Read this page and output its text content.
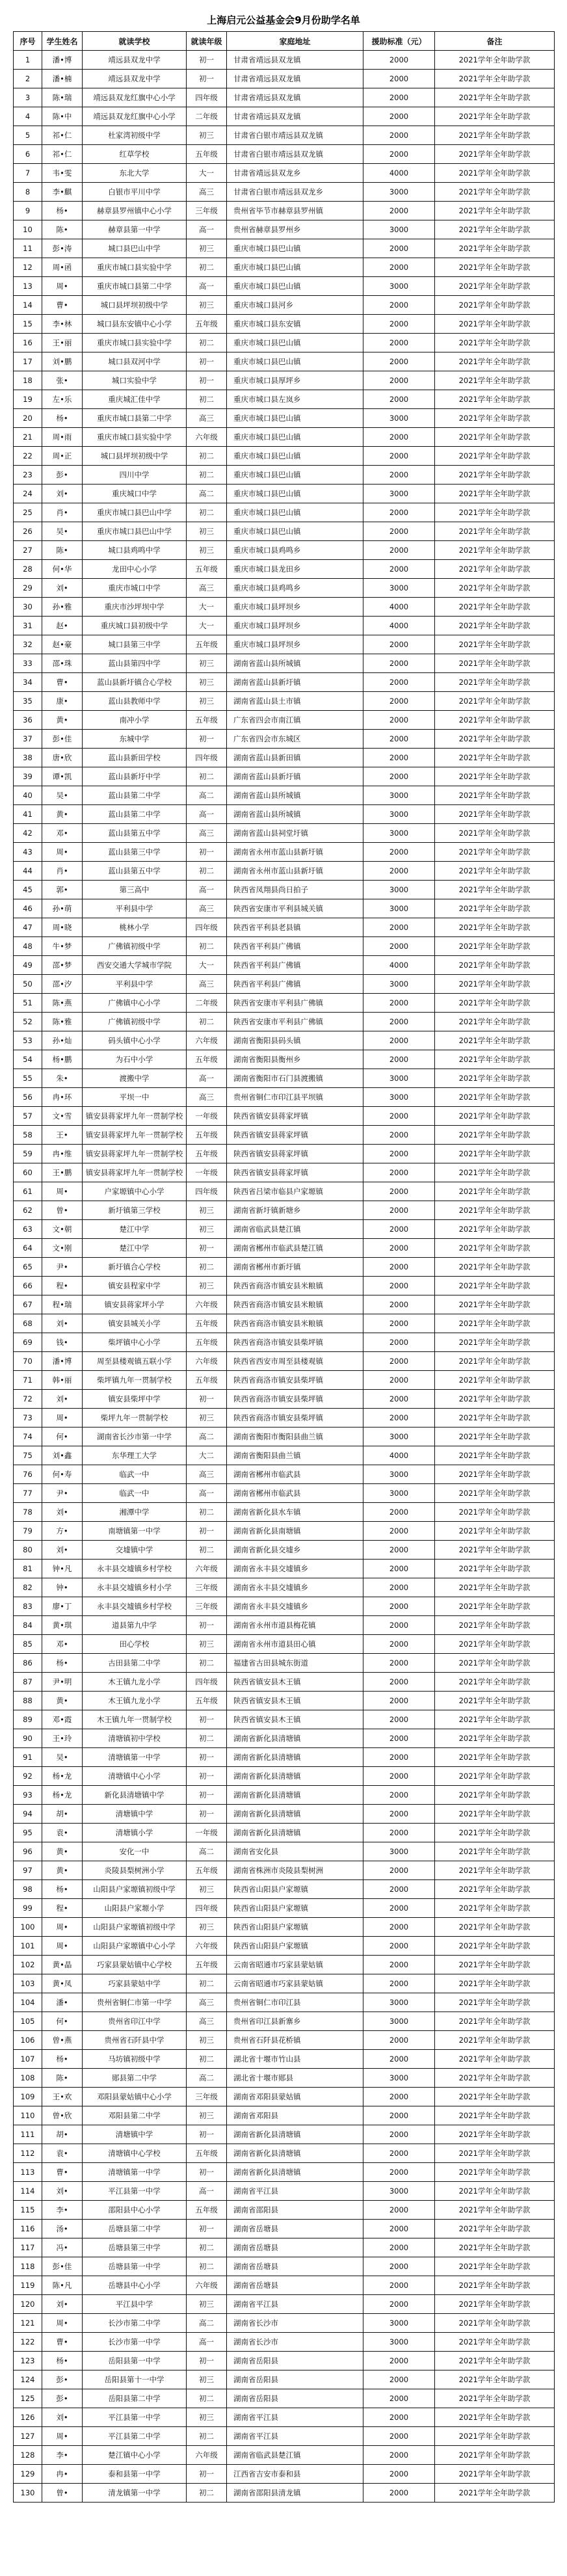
上海启元公益基金会9月份助学名单
序号	学生姓名	就读学校	就读年级	家庭地址	援助标准（元）	备注
1	潘•博	靖远县双龙中学	初一	甘肃省靖远县双龙镇	2000	2021学年全年助学款
2	潘•楠	靖远县双龙中学	初一	甘肃省靖远县双龙镇	2000	2021学年全年助学款
3	陈•瑞	靖远县双龙红旗中心小学	四年级	甘肃省靖远县双龙镇	2000	2021学年全年助学款
4	陈•中	靖远县双龙红旗中心小学	二年级	甘肃省靖远县双龙镇	2000	2021学年全年助学款
5	祁•仁	杜家湾初级中学	初三	甘肃省白银市靖远县双龙镇	2000	2021学年全年助学款
6	祁•仁	红草学校	五年级	甘肃省白银市靖远县双龙镇	2000	2021学年全年助学款
7	韦•雯	东北大学	大一	甘肃省靖远县双龙乡	4000	2021学年全年助学款
8	李•麒	白银市平川中学	高三	甘肃省白银市靖远县双龙乡	3000	2021学年全年助学款
9	杨•	赫章县罗州镇中心小学	三年级	贵州省毕节市赫章县罗州镇	2000	2021学年全年助学款
10	陈•	赫章县第一中学	高一	贵州省赫章县罗州乡	3000	2021学年全年助学款
11	彭•涛	城口县巴山中学	初三	重庆市城口县巴山镇	2000	2021学年全年助学款
12	周•函	重庆市城口县实验中学	初二	重庆市城口县巴山镇	2000	2021学年全年助学款
13	周•	重庆市城口县第二中学	高一	重庆市城口县巴山镇	3000	2021学年全年助学款
14	曹•	城口县坪坝初级中学	初三	重庆市城口县河乡	2000	2021学年全年助学款
15	李•林	城口县东安镇中心小学	五年级	重庆市城口县东安镇	2000	2021学年全年助学款
16	王•丽	重庆市城口县实验中学	初二	重庆市城口县巴山镇	2000	2021学年全年助学款
17	刘•鹏	城口县双河中学	初一	重庆市城口县巴山镇	2000	2021学年全年助学款
18	张•	城口实验中学	初一	重庆市城口县厚坪乡	2000	2021学年全年助学款
19	左•乐	重庆城汇佳中学	初二	重庆市城口县左岚乡	2000	2021学年全年助学款
20	杨•	重庆市城口县第二中学	高三	重庆市城口县巴山镇	3000	2021学年全年助学款
21	周•雨	重庆市城口县实验中学	六年级	重庆市城口县巴山镇	2000	2021学年全年助学款
22	周•正	城口县坪坝初级中学	初二	重庆市城口县巴山镇	2000	2021学年全年助学款
23	彭•	四川中学	初二	重庆市城口县巴山镇	2000	2021学年全年助学款
24	刘•	重庆城口中学	高二	重庆市城口县巴山镇	3000	2021学年全年助学款
25	肖•	重庆市城口县巴山中学	初二	重庆市城口县巴山镇	2000	2021学年全年助学款
26	吴•	重庆市城口县巴山中学	初三	重庆市城口县巴山镇	2000	2021学年全年助学款
27	陈•	城口县鸡鸣中学	初三	重庆市城口县鸡鸣乡	2000	2021学年全年助学款
28	何•华	龙田中心小学	五年级	重庆市城口县龙田乡	2000	2021学年全年助学款
29	刘•	重庆市城口中学	高三	重庆市城口县鸡鸣乡	3000	2021学年全年助学款
30	孙•雅	重庆市沙坪坝中学	大一	重庆市城口县坪坝乡	4000	2021学年全年助学款
31	赵•	重庆城口县初级中学	大一	重庆市城口县坪坝乡	4000	2021学年全年助学款
32	赵•豪	城口县第三中学	五年级	重庆市城口县坪坝乡	2000	2021学年全年助学款
33	邵•珠	蓝山县第四中学	初三	湖南省蓝山县所城镇	2000	2021学年全年助学款
34	曹•	蓝山县新圩镇合心学校	初三	湖南省蓝山县新圩镇	2000	2021学年全年助学款
35	康•	蓝山县教师中学	初三	湖南省蓝山县土市镇	2000	2021学年全年助学款
36	黄•	南冲小学	五年级	广东省四会市南江镇	2000	2021学年全年助学款
37	彭•佳	东城中学	初一	广东省四会市东城区	2000	2021学年全年助学款
38	唐•欣	蓝山县新田学校	四年级	湖南省蓝山县新田镇	2000	2021学年全年助学款
39	谭•凯	蓝山县新圩中学	初二	湖南省蓝山县新圩镇	2000	2021学年全年助学款
40	吴•	蓝山县第二中学	高二	湖南省蓝山县所城镇	3000	2021学年全年助学款
41	黄•	蓝山县第二中学	高一	湖南省蓝山县所城镇	3000	2021学年全年助学款
42	邓•	蓝山县第五中学	高三	湖南省蓝山县祠堂圩镇	3000	2021学年全年助学款
43	周•	蓝山县第三中学	初一	湖南省永州市蓝山县新圩镇	2000	2021学年全年助学款
44	肖•	蓝山县第五中学	初二	湖南省永州市蓝山县新圩镇	2000	2021学年全年助学款
45	郭•	第三高中	高一	陕西省凤翔县尚日拍子	3000	2021学年全年助学款
46	孙•萌	平利县中学	高三	陕西省安康市平利县城关镇	3000	2021学年全年助学款
47	周•晓	桃林小学	四年级	陕西省平利县老县镇	2000	2021学年全年助学款
48	牛•梦	广佛镇初级中学	初二	陕西省平利县广佛镇	2000	2021学年全年助学款
49	邵•梦	西安交通大学城市学院	大一	陕西省平利县广佛镇	4000	2021学年全年助学款
50	邵•汐	平利县中学	高三	陕西省平利县广佛镇	3000	2021学年全年助学款
51	陈•燕	广佛镇中心小学	二年级	陕西省安康市平利县广佛镇	2000	2021学年全年助学款
52	陈•雅	广佛镇初级中学	初二	陕西省安康市平利县广佛镇	2000	2021学年全年助学款
53	孙•灿	码头镇中心小学	六年级	湖南省衡阳县码头镇	2000	2021学年全年助学款
54	杨•鹏	为石中小学	五年级	湖南省衡阳县衡州乡	2000	2021学年全年助学款
55	朱•	渡搬中学	高一	湖南省衡阳市石门县渡搬镇	3000	2021学年全年助学款
56	冉•环	平坝一中	高三	贵州省铜仁市印江县平坝镇	3000	2021学年全年助学款
57	文•雪	镇安县蒋家坪九年一贯制学校	一年级	陕西省镇安县蒋家坪镇	2000	2021学年全年助学款
58	王•	镇安县蒋家坪九年一贯制学校	五年级	陕西省镇安县蒋家坪镇	2000	2021学年全年助学款
59	冉•维	镇安县蒋家坪九年一贯制学校	五年级	陕西省镇安县蒋家坪镇	2000	2021学年全年助学款
60	王•鹏	镇安县蒋家坪九年一贯制学校	一年级	陕西省镇安县蒋家坪镇	2000	2021学年全年助学款
61	周•	户家塬镇中心小学	四年级	陕西省吕梁市临县户家塬镇	2000	2021学年全年助学款
62	曾•	新圩镇第三学校	初三	湖南省新圩镇新塘乡	2000	2021学年全年助学款
63	文•朝	楚江中学	初三	湖南省临武县楚江镇	2000	2021学年全年助学款
64	文•刚	楚江中学	初一	湖南省郴州市临武县楚江镇	2000	2021学年全年助学款
65	尹•	新圩镇合心学校	初二	湖南省郴州市新圩镇	2000	2021学年全年助学款
66	程•	镇安县程家中学	初三	陕西省商洛市镇安县米粮镇	2000	2021学年全年助学款
67	程•瑞	镇安县蒋家坪小学	六年级	陕西省商洛市镇安县米粮镇	2000	2021学年全年助学款
68	刘•	镇安县城关小学	五年级	陕西省商洛市镇安县米粮镇	2000	2021学年全年助学款
69	钱•	柴坪镇中心小学	五年级	陕西省商洛市镇安县柴坪镇	2000	2021学年全年助学款
70	潘•博	周至县楼观镇五联小学	六年级	陕西省西安市周至县楼观镇	2000	2021学年全年助学款
71	韩•丽	柴坪镇九年一贯制学校	五年级	陕西省商洛市镇安县柴坪镇	2000	2021学年全年助学款
72	刘•	镇安县柴坪中学	初一	陕西省商洛市镇安县柴坪镇	2000	2021学年全年助学款
73	周•	柴坪九年一贯制学校	初三	陕西省商洛市镇安县柴坪镇	2000	2021学年全年助学款
74	何•	湖南省长沙市第一中学	高二	湖南省衡阳市衡阳县曲兰镇	3000	2021学年全年助学款
75	刘•鑫	东华理工大学	大二	湖南省衡阳县曲兰镇	4000	2021学年全年助学款
76	何•寿	临武一中	高三	湖南省郴州市临武县	3000	2021学年全年助学款
77	尹•	临武一中	高一	湖南省郴州市临武县	3000	2021学年全年助学款
78	刘•	湘潭中学	初二	湖南省新化县水车镇	2000	2021学年全年助学款
79	方•	南塘镇第一中学	初一	湖南省新化县南塘镇	2000	2021学年全年助学款
80	刘•	交墟镇中学	初二	湖南省新化县交墟乡	2000	2021学年全年助学款
81	钟•凡	永丰县交墟镇乡村学校	六年级	湖南省永丰县交墟镇乡	2000	2021学年全年助学款
82	钟•	永丰县交墟镇乡村小学	三年级	湖南省永丰县交墟镇乡	2000	2021学年全年助学款
83	廖•丁	永丰县交墟镇乡村学校	三年级	湖南省永丰县交墟镇乡	2000	2021学年全年助学款
84	黄•琪	道县第九中学	初一	湖南省永州市道县梅花镇	2000	2021学年全年助学款
85	邓•	田心学校	初三	湖南省永州市道县田心镇	2000	2021学年全年助学款
86	杨•	古田县第二中学	初二	福建省古田县城东街道	2000	2021学年全年助学款
87	尹•明	木王镇九龙小学	四年级	陕西省镇安县木王镇	2000	2021学年全年助学款
88	黄•	木王镇九龙小学	五年级	陕西省镇安县木王镇	2000	2021学年全年助学款
89	邓•霞	木王镇九年一贯制学校	初一	陕西省镇安县木王镇	2000	2021学年全年助学款
90	王•玲	清塘镇初中学校	初二	湖南省新化县清塘镇	2000	2021学年全年助学款
91	吴•	清塘镇第一中学	初一	湖南省新化县清塘镇	2000	2021学年全年助学款
92	杨•龙	清塘镇中心小学	初一	湖南省新化县清塘镇	2000	2021学年全年助学款
93	杨•龙	新化县清塘镇中学	初一	湖南省新化县清塘镇	2000	2021学年全年助学款
94	胡•	清塘镇中学	初一	湖南省新化县清塘镇	2000	2021学年全年助学款
95	袁•	清塘镇小学	一年级	湖南省新化县清塘镇	2000	2021学年全年助学款
96	黄•	安化一中	高二	湖南省安化县	3000	2021学年全年助学款
97	黄•	炎陵县梨树洲小学	五年级	湖南省株洲市炎陵县梨树洲	2000	2021学年全年助学款
98	杨•	山阳县户家塬镇初级中学	初三	陕西省山阳县户家塬镇	2000	2021学年全年助学款
99	程•	山阳县户家塬小学	四年级	陕西省山阳县户家塬镇	2000	2021学年全年助学款
100	周•	山阳县户家塬镇初级中学	初三	陕西省山阳县户家塬镇	2000	2021学年全年助学款
101	周•	山阳县户家塬镇中心小学	六年级	陕西省山阳县户家塬镇	2000	2021学年全年助学款
102	黄•晶	巧家县蒙姑镇中心学校	五年级	云南省昭通市巧家县蒙姑镇	2000	2021学年全年助学款
103	黄•凤	巧家县蒙姑中学	初二	云南省昭通市巧家县蒙姑镇	2000	2021学年全年助学款
104	潘•	贵州省铜仁市第一中学	高三	贵州省铜仁市印江县	3000	2021学年全年助学款
105	何•	贵州省印江中学	高三	贵州省印江县新寨乡	3000	2021学年全年助学款
106	曾•燕	贵州省石阡县中学	初三	贵州省石阡县花桥镇	2000	2021学年全年助学款
107	杨•	马坊镇初级中学	初二	湖北省十堰市竹山县	2000	2021学年全年助学款
108	陈•	郧县第二中学	高二	湖北省十堰市郧县	3000	2021学年全年助学款
109	王•欢	邓阳县蒙姑镇中心小学	三年级	湖南省邓阳县蒙姑镇	2000	2021学年全年助学款
110	曾•欣	邓阳县第二中学	初三	湖南省邓阳县	2000	2021学年全年助学款
111	胡•	清塘镇中学	初一	湖南省新化县清塘镇	2000	2021学年全年助学款
112	袁•	清塘镇中心学校	五年级	湖南省新化县清塘镇	2000	2021学年全年助学款
113	曹•	清塘镇第一中学	初一	湖南省新化县清塘镇	2000	2021学年全年助学款
114	刘•	平江县第一中学	高一	湖南省平江县	3000	2021学年全年助学款
115	李•	邵阳县中心小学	五年级	湖南省邵阳县	2000	2021学年全年助学款
116	汤•	岳塘县第二中学	初一	湖南省岳塘县	2000	2021学年全年助学款
117	冯•	岳塘县第三中学	初二	湖南省岳塘县	2000	2021学年全年助学款
118	彭•佳	岳塘县第一中学	初二	湖南省岳塘县	2000	2021学年全年助学款
119	陈•凡	岳塘县中心小学	六年级	湖南省岳塘县	2000	2021学年全年助学款
120	刘•	平江县中学	初三	湖南省平江县	2000	2021学年全年助学款
121	周•	长沙市第二中学	高二	湖南省长沙市	3000	2021学年全年助学款
122	曹•	长沙市第一中学	高一	湖南省长沙市	3000	2021学年全年助学款
123	杨•	岳阳县第一中学	初一	湖南省岳阳县	2000	2021学年全年助学款
124	彭•	岳阳县第十一中学	初三	湖南省岳阳县	2000	2021学年全年助学款
125	彭•	岳阳县第二中学	初二	湖南省岳阳县	2000	2021学年全年助学款
126	刘•	平江县第一中学	初三	湖南省平江县	2000	2021学年全年助学款
127	周•	平江县第二中学	初二	湖南省平江县	2000	2021学年全年助学款
128	李•	楚江镇中心小学	六年级	湖南省临武县楚江镇	2000	2021学年全年助学款
129	冉•	泰和县第一中学	初一	江西省吉安市泰和县	2000	2021学年全年助学款
130	曾•	清龙镇第一中学	初二	湖南省邵阳县清龙镇	2000	2021学年全年助学款
